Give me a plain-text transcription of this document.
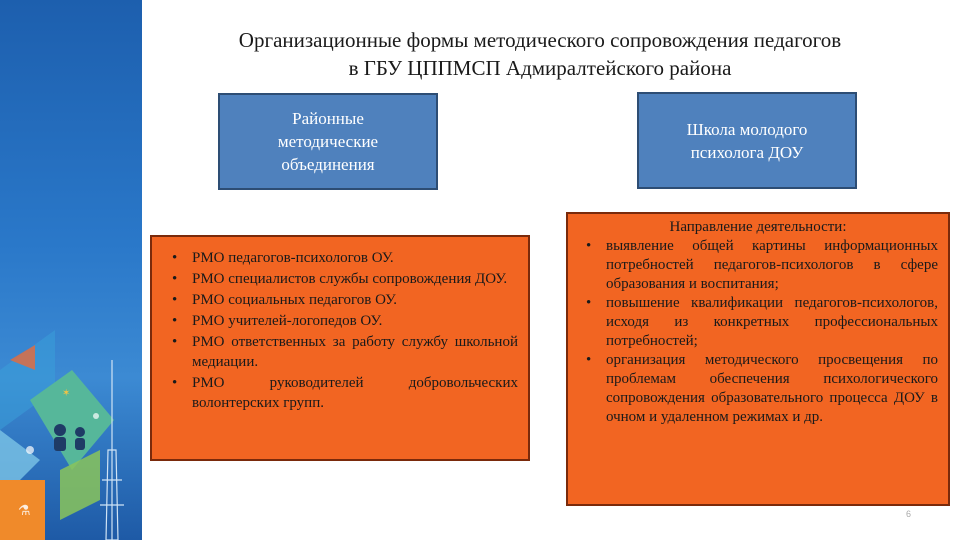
✶
⚗
Организационные формы методического сопровождения педагогов
в ГБУ ЦППМСП Адмиралтейского района
Районные методические объединения
Школа молодого психолога ДОУ
• РМО педагогов-психологов ОУ.
• РМО специалистов службы сопровождения ДОУ.
• РМО социальных педагогов ОУ.
• РМО учителей-логопедов ОУ.
• РМО ответственных за работу службу школьной медиации.
• РМО руководителей добровольческих волонтерских групп.
Направление деятельности:
• выявление общей картины информационных потребностей педагогов-психологов в сфере образования и воспитания;
• повышение квалификации педагогов-психологов, исходя из конкретных профессиональных потребностей;
• организация методического просвещения по проблемам обеспечения психологического сопровождения образовательного процесса ДОУ в очном и удаленном режимах и др.
6
